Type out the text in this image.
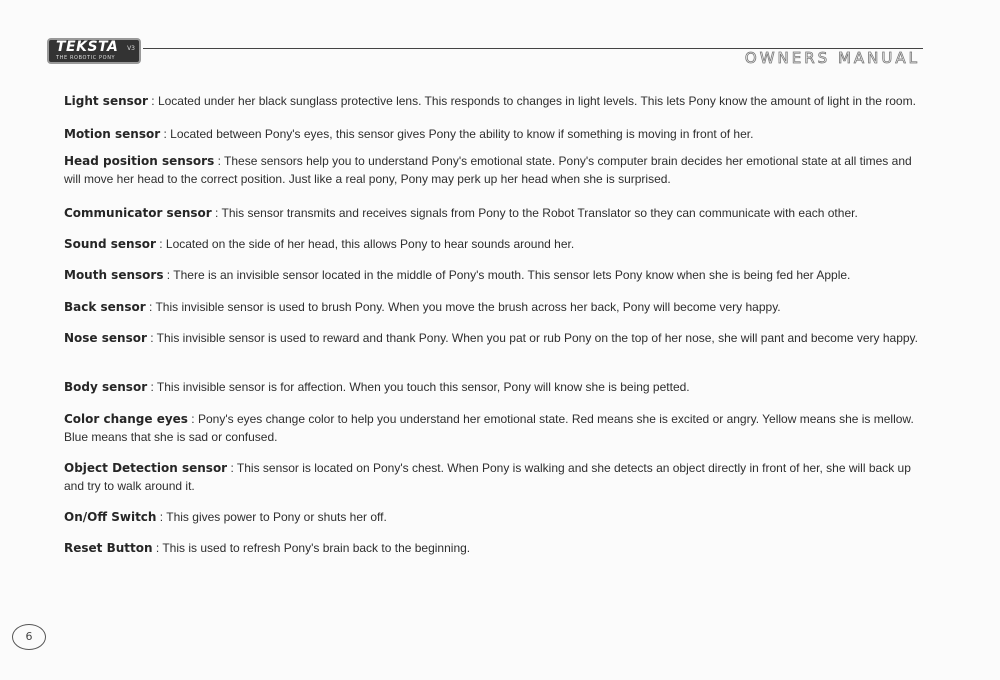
TEKSTA	V3
THE ROBOTIC PONY	OWNERS MANUAL
Light sensor : Located under her black sunglass protective lens. This responds to changes in light levels. This lets Pony know the amount of light in the room.
Motion sensor : Located between Pony's eyes, this sensor gives Pony the ability to know if something is moving in front of her.
Head position sensors : These sensors help you to understand Pony's emotional state. Pony's computer brain decides her emotional state at all times and will move her head to the correct position. Just like a real pony, Pony may perk up her head when she is surprised.
Communicator sensor : This sensor transmits and receives signals from Pony to the Robot Translator so they can communicate with each other.
Sound sensor : Located on the side of her head, this allows Pony to hear sounds around her.
Mouth sensors : There is an invisible sensor located in the middle of Pony's mouth. This sensor lets Pony know when she is being fed her Apple.
Back sensor : This invisible sensor is used to brush Pony. When you move the brush across her back, Pony will become very happy.
Nose sensor : This invisible sensor is used to reward and thank Pony. When you pat or rub Pony on the top of her nose, she will pant and become very happy.
Body sensor : This invisible sensor is for affection. When you touch this sensor, Pony will know she is being petted.
Color change eyes : Pony's eyes change color to help you understand her emotional state. Red means she is excited or angry. Yellow means she is mellow. Blue means that she is sad or confused.
Object Detection sensor : This sensor is located on Pony's chest. When Pony is walking and she detects an object directly in front of her, she will back up and try to walk around it.
On/Off Switch : This gives power to Pony or shuts her off.
Reset Button : This is used to refresh Pony's brain back to the beginning.
6
